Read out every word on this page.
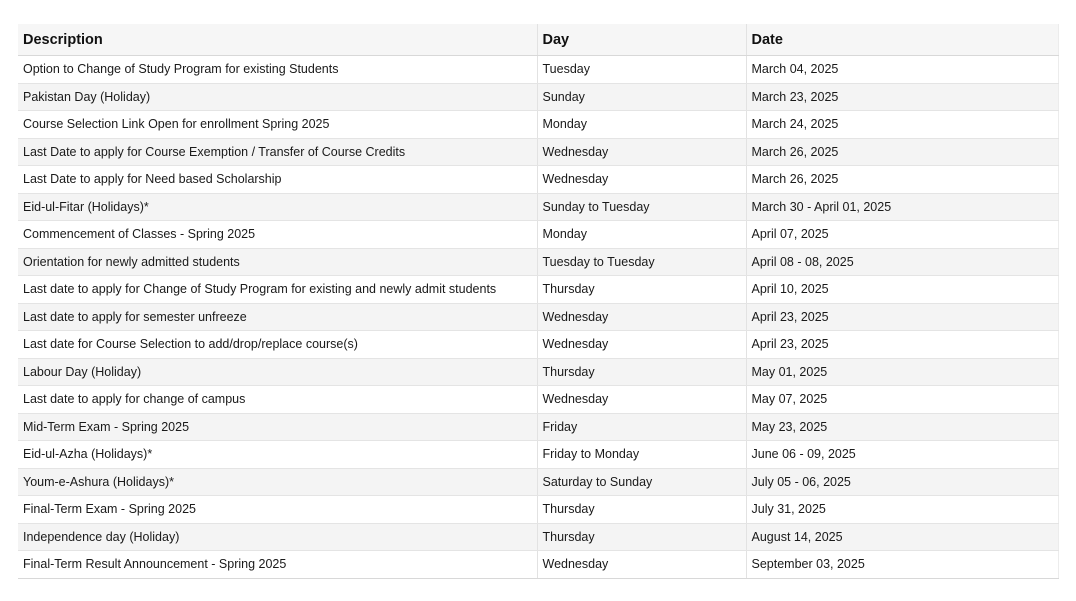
Description	Day	Date
Option to Change of Study Program for existing Students	Tuesday	March 04, 2025
Pakistan Day (Holiday)	Sunday	March 23, 2025
Course Selection Link Open for enrollment Spring 2025	Monday	March 24, 2025
Last Date to apply for Course Exemption / Transfer of Course Credits	Wednesday	March 26, 2025
Last Date to apply for Need based Scholarship	Wednesday	March 26, 2025
Eid-ul-Fitar (Holidays)*	Sunday to Tuesday	March 30 - April 01, 2025
Commencement of Classes - Spring 2025	Monday	April 07, 2025
Orientation for newly admitted students	Tuesday to Tuesday	April 08 - 08, 2025
Last date to apply for Change of Study Program for existing and newly admit students	Thursday	April 10, 2025
Last date to apply for semester unfreeze	Wednesday	April 23, 2025
Last date for Course Selection to add/drop/replace course(s)	Wednesday	April 23, 2025
Labour Day (Holiday)	Thursday	May 01, 2025
Last date to apply for change of campus	Wednesday	May 07, 2025
Mid-Term Exam - Spring 2025	Friday	May 23, 2025
Eid-ul-Azha (Holidays)*	Friday to Monday	June 06 - 09, 2025
Youm-e-Ashura (Holidays)*	Saturday to Sunday	July 05 - 06, 2025
Final-Term Exam - Spring 2025	Thursday	July 31, 2025
Independence day (Holiday)	Thursday	August 14, 2025
Final-Term Result Announcement - Spring 2025	Wednesday	September 03, 2025
